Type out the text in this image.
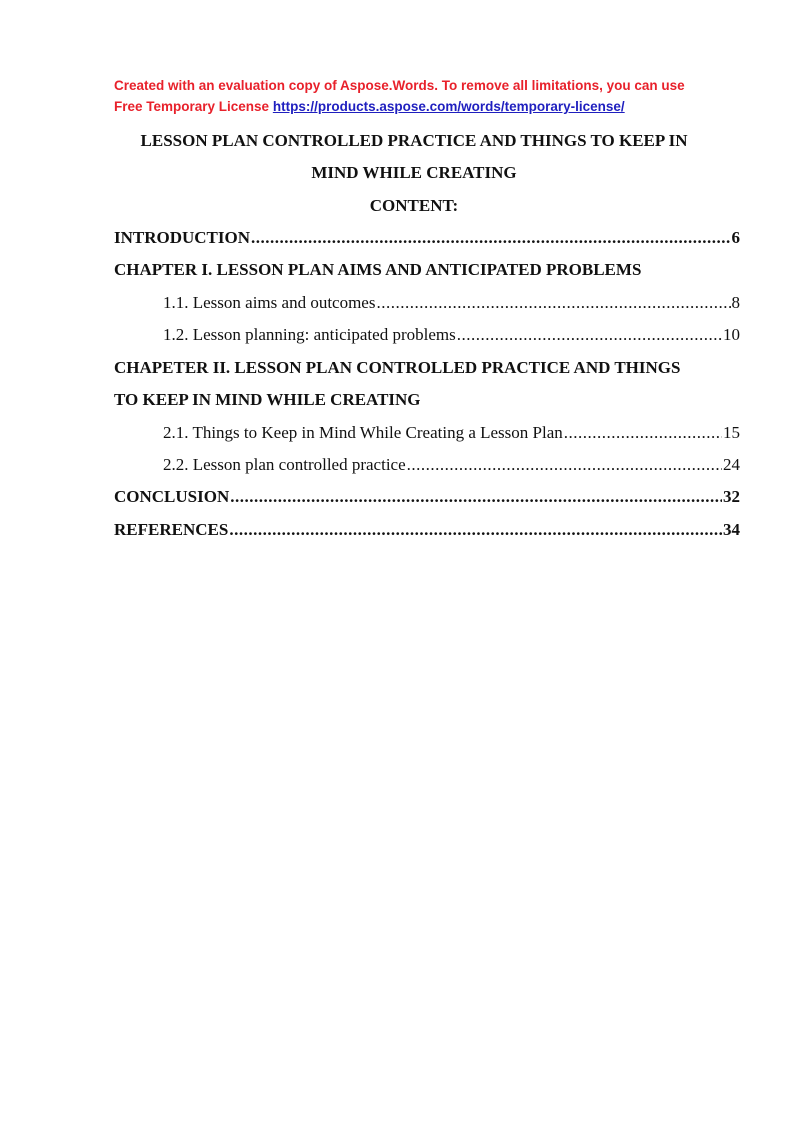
Created with an evaluation copy of Aspose.Words. To remove all limitations, you can use
Free Temporary License https://products.aspose.com/words/temporary-license/
LESSON PLAN CONTROLLED PRACTICE AND THINGS TO KEEP IN
MIND WHILE CREATING
CONTENT:
INTRODUCTION .....	6
CHAPTER I. LESSON PLAN AIMS AND ANTICIPATED PROBLEMS
1.1. Lesson aims and outcomes .....	8
1.2. Lesson planning: anticipated problems .....	10
CHAPETER II. LESSON PLAN CONTROLLED PRACTICE AND THINGS
TO KEEP IN MIND WHILE CREATING
2.1. Things to Keep in Mind While Creating a Lesson Plan .....	15
2.2. Lesson plan controlled practice .....	24
CONCLUSION .....	32
REFERENCES .....	34
